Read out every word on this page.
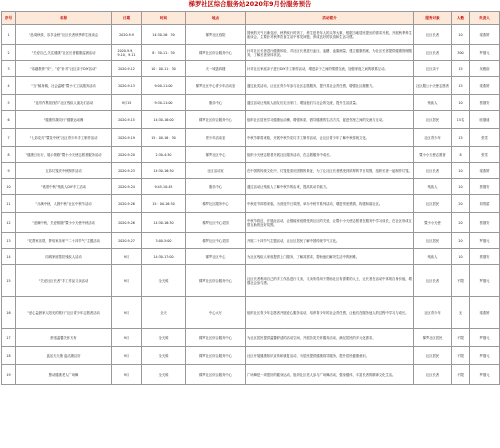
梯罗社区综合服务站2020年9月份服务预告
序号	名称	日期	时间	地点	活动简介	服务对象	人数	负责人
1	“品周秋侠，乐享金秋”社区长者秋季养生座谈会	2020.9.9	14:30-16：30	梯罗社区庭院	国秋的天气日渐变凉，秋季疾行时到了，养生是老年人的头等大事，根据当地居民提出的需求开展，开展秋季养生座谈会，主要针对秋季饮食生活中常见问题，养成良好的饮食和生活习惯。	社区长者	10	梁燕婷
2	“关爱自己,关注健康”社区长者健康监测活动	2020.9.9、9.10、9.11	8：30-11：30	梯罗社区综合服务中心	针对社区长者进行健康体检，对社区长者进行血压、血糖、血脂测量，建立健康档案，为社区长者提供健康管理服务，了解长者身体状况。	社区长者	300	罗继元
3	“乐趣教育”安“，”爱”针对“社区亲子DIY活动”	2020.9.12	10：00-11：30	天一城盖四楼	针对社区家庭亲子进行DIY手工制作活动，增进亲子之间的情感交流，加强家庭之间的联系互动。	社区亲子	15	吴雅韵
4	“当“稿身稿，社会温暖”暨小义工队服务活动	2020.9.13	9:00-11:00	梯罗社区中心青少年活动室	通过此类活动，让社区青少年参与社区志愿服务，提升其社会责任感，增强社区凝聚力。	社区服公小天使志愿者	15	梁燕婷
5	“连帘作集找找你”社区残疾人朋友们活动	9月15	9:30-11:00	康乐中心	通过活动让残疾人朋友们走出家门，增加他们与社会的交流，提升生活质量。	残疾人	10	蔡继安
6	“健康你我同行”健康运动操	2020.9.15	14:30-16:00	梯罗社区综合服务中心	组织社区居民学习健康运动操，增强体质，倡导健康的生活方式，促进邻里之间的交流与互动。	社区居民	15名	欧继迪
7	“七彩花灯”暨花中秋”社区青少年手工制作活动	2020.9.19	15：00-16：30	青少年活动室	中秋节即将来临，开展中秋节花灯手工制作活动，让社区青少年了解中秋传统文化。	社区青少年	15	张雪
8	“健康日出行，展示领路”暨小小天使志愿者服务活动	2020.9.20	2:30-4:30	梯罗社区中心	组织小天使志愿者开展社区服务活动，在志愿服务中成长。	暨小小天使志愿者	8	张雪
9	五彩灯笼庆中秋制作活动	2020.9.23	14:30-16:30	社区活动室	在中国的传统文化中，灯笼是喜庆团圆的象征，为了让社区长者感受到浓厚的节日氛围，组织长者一起制作灯笼。	社区长者	10	梁燕婷
10	“欢度中秋”残疾人DIY手工活动	2020.9.24	9:45-10:45	康乐中心	通过活动让残疾人了解中秋节的由来，提高其动手能力。	残疾人	10	蔡继安
11	“月满中秋，人圆中秋”社区中秋节活动	2020.9.26	15：00-16:30	梯罗社区服务中心	中秋佳节即将来临，为营造节日氛围，举办中秋节系列活动，增进邻里感情，构建和谐社区。	社区居民	20	刘景韶
12	“爱满中秋，关爱相随”暨小小天使中秋活动	2020.9.26	14:30-16:30	梯罗社区中心花园	中秋节将近，开展此活动，让强能家庭感受到社区的关爱，让暨小小天使志愿者在服务中学习成长，在社区形成互帮互助的良好氛围。	暨小小天使	20	蔡继安
13	“托帮家乐帮，梦培家乐家”“二十四节气”主题活动	2020.9.27	3:00-5:00	梯罗社区中心花园	开展二十四节气主题活动，让社区居民了解中国传统节气文化。	社区居民	20	罗继元
14	同城家庭帮扶残疾人活动	9月	14:30-17:00	梯罗社区中心	为社区残疾人家庭提供上门服务，了解其需求，帮助他们解决生活中的困难。	残疾人	10	蔡继安
15	“关爱社区长者”手工作品义卖活动	9月	全天候	梯罗社区综合服务中心	社区长者利用自己的手工作品进行义卖，义卖所得用于帮助社区有需要的人士，让长者在活动中体现自身价值，增强社会参与感。	社区长者	不限	罗继元
16	“爱心益晨家人阳光的旅行”社区青少年志愿者活动	9月	全天	中心大厅	组织社区青少年志愿者开展爱心服务活动，培养青少年的社会责任感，让他们在服务他人的过程中学习与成长。	社区青少年	无	梁燕婷
17	舒适温馨关怀天有	9月	全天候	梯罗社区综合服务中心	为社区居民提供温馨舒适的活动空间，开展各类关怀服务活动，满足居民的多元化需求。	梯罗社区居民	不限	罗继元
18	盘活天天康 盘活康汉好	9月	全天候	梯罗社区综合服务中心	社区开展健康知识宣传和康复活动，为居民提供健康指导服务，提升居民健康意识。	社区居民	不限	罗继元
19	慧动健康老人广场舞	9月	全天候	梯罗社区综合服务中心	广场舞是一项很好的健身运动，组织社区老人参与广场舞活动，强身健体，丰富长者的精神文化生活。	社区长者	不限	罗继元
